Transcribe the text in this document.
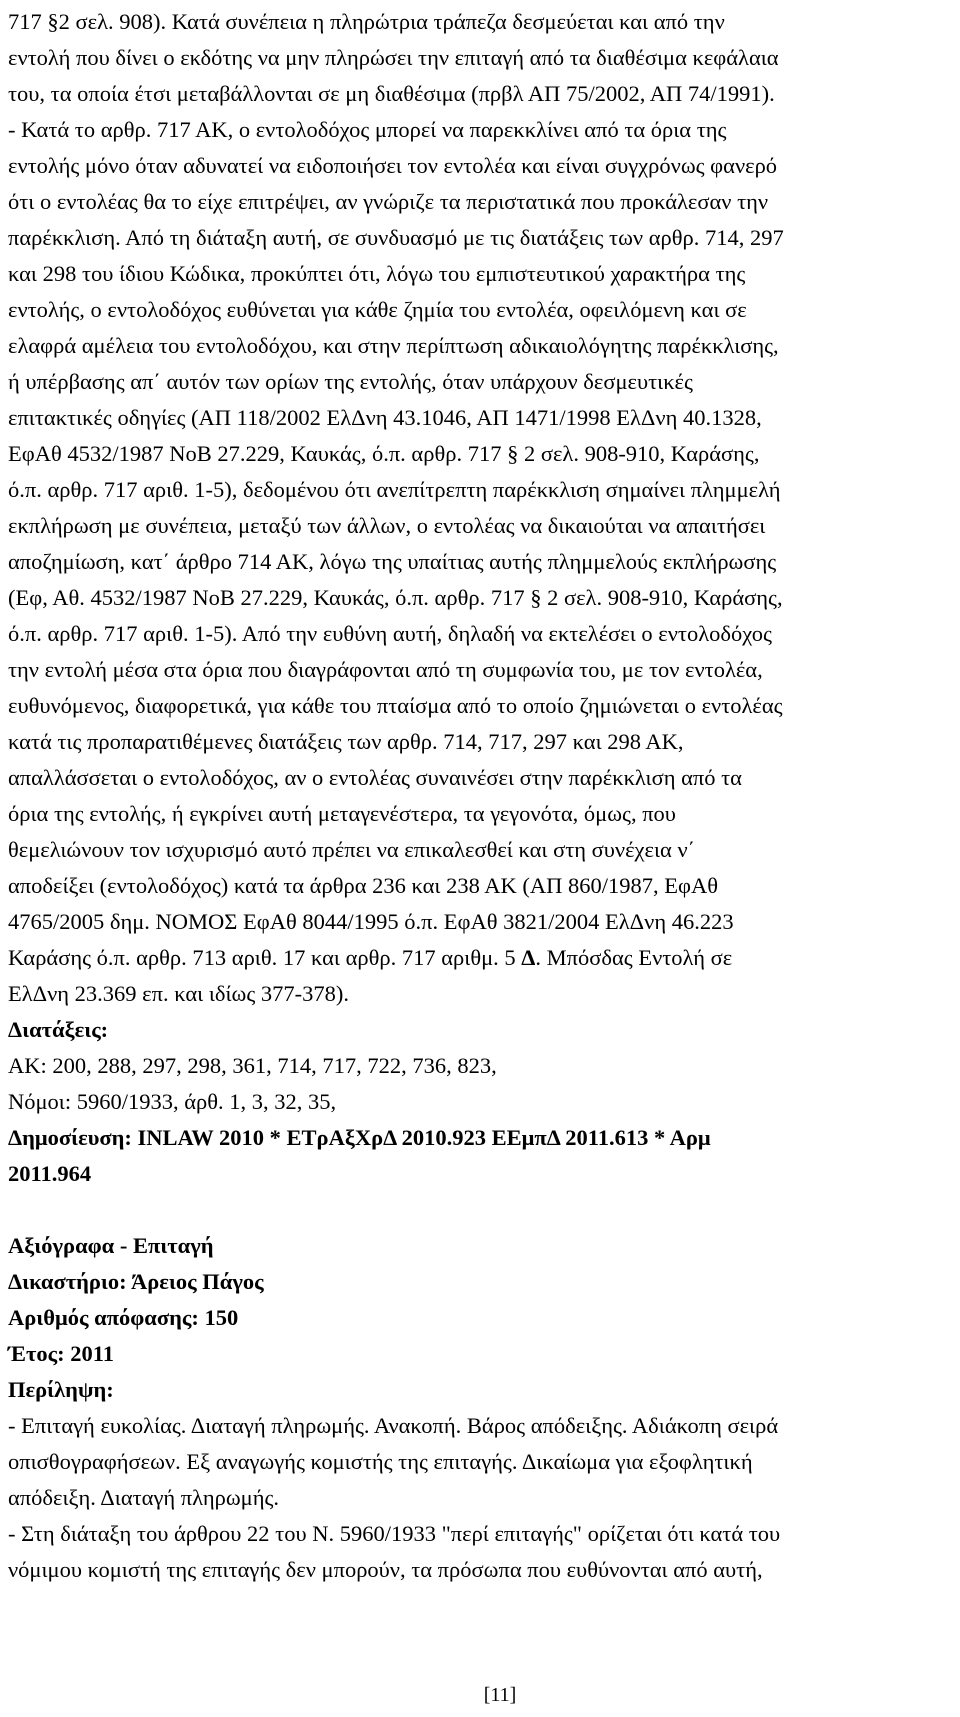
717 §2 σελ. 908). Κατά συνέπεια η πληρώτρια τράπεζα δεσμεύεται και από την
εντολή που δίνει ο εκδότης να μην πληρώσει την επιταγή από τα διαθέσιμα κεφάλαια
του, τα οποία έτσι μεταβάλλονται σε μη διαθέσιμα (πρβλ ΑΠ 75/2002, ΑΠ 74/1991).

- Κατά το αρθρ. 717 ΑΚ, ο εντολοδόχος μπορεί να παρεκκλίνει από τα όρια της
εντολής μόνο όταν αδυνατεί να ειδοποιήσει τον εντολέα και είναι συγχρόνως φανερό
ότι ο εντολέας θα το είχε επιτρέψει, αν γνώριζε τα περιστατικά που προκάλεσαν την
παρέκκλιση. Από τη διάταξη αυτή, σε συνδυασμό με τις διατάξεις των αρθρ. 714, 297
και 298 του ίδιου Κώδικα, προκύπτει ότι, λόγω του εμπιστευτικού χαρακτήρα της
εντολής, ο εντολοδόχος ευθύνεται για κάθε ζημία του εντολέα, οφειλόμενη και σε
ελαφρά αμέλεια του εντολοδόχου, και στην περίπτωση αδικαιολόγητης παρέκκλισης,
ή υπέρβασης απ΄ αυτόν των ορίων της εντολής, όταν υπάρχουν δεσμευτικές
επιτακτικές οδηγίες (ΑΠ 118/2002 ΕλΔνη 43.1046, ΑΠ 1471/1998 ΕλΔνη 40.1328,
ΕφΑθ 4532/1987 ΝοΒ 27.229, Καυκάς, ό.π. αρθρ. 717 § 2 σελ. 908-910, Καράσης,
ό.π. αρθρ. 717 αριθ. 1-5), δεδομένου ότι ανεπίτρεπτη παρέκκλιση σημαίνει πλημμελή
εκπλήρωση με συνέπεια, μεταξύ των άλλων, ο εντολέας να δικαιούται να απαιτήσει
αποζημίωση, κατ΄ άρθρο 714 ΑΚ, λόγω της υπαίτιας αυτής πλημμελούς εκπλήρωσης
(Εφ, Αθ. 4532/1987 ΝοΒ 27.229, Καυκάς, ό.π. αρθρ. 717 § 2 σελ. 908-910, Καράσης,
ό.π. αρθρ. 717 αριθ. 1-5). Από την ευθύνη αυτή, δηλαδή να εκτελέσει ο εντολοδόχος
την εντολή μέσα στα όρια που διαγράφονται από τη συμφωνία του, με τον εντολέα,
ευθυνόμενος, διαφορετικά, για κάθε του πταίσμα από το οποίο ζημιώνεται ο εντολέας
κατά τις προπαρατιθέμενες διατάξεις των αρθρ. 714, 717, 297 και 298 ΑΚ,
απαλλάσσεται ο εντολοδόχος, αν ο εντολέας συναινέσει στην παρέκκλιση από τα
όρια της εντολής, ή εγκρίνει αυτή μεταγενέστερα, τα γεγονότα, όμως, που
θεμελιώνουν τον ισχυρισμό αυτό πρέπει να επικαλεσθεί και στη συνέχεια ν΄
αποδείξει (εντολοδόχος) κατά τα άρθρα 236 και 238 ΑΚ (ΑΠ 860/1987, ΕφΑθ
4765/2005 δημ. ΝΟΜΟΣ ΕφΑθ 8044/1995 ό.π. ΕφΑθ 3821/2004 ΕλΔνη 46.223
Καράσης ό.π. αρθρ. 713 αριθ. 17 και αρθρ. 717 αριθμ. 5 Δ. Μπόσδας Εντολή σε
ΕλΔνη 23.369 επ. και ιδίως 377-378).

Διατάξεις:
ΑΚ: 200, 288, 297, 298, 361, 714, 717, 722, 736, 823,
Νόμοι: 5960/1933, άρθ. 1, 3, 32, 35,

Δημοσίευση: INLAW 2010 * ΕΤρΑξΧρΔ 2010.923 ΕΕμπΔ 2011.613 * Αρμ
2011.964

Αξιόγραφα - Επιταγή
Δικαστήριο: Άρειος Πάγος
Αριθμός απόφασης: 150
Έτος: 2011
Περίληψη:

- Επιταγή ευκολίας. Διαταγή πληρωμής. Ανακοπή. Βάρος απόδειξης. Αδιάκοπη σειρά
οπισθογραφήσεων. Εξ αναγωγής κομιστής της επιταγής. Δικαίωμα για εξοφλητική
απόδειξη. Διαταγή πληρωμής.

- Στη διάταξη του άρθρου 22 του Ν. 5960/1933 "περί επιταγής" ορίζεται ότι κατά του
νόμιμου κομιστή της επιταγής δεν μπορούν, τα πρόσωπα που ευθύνονται από αυτή,

[11]
